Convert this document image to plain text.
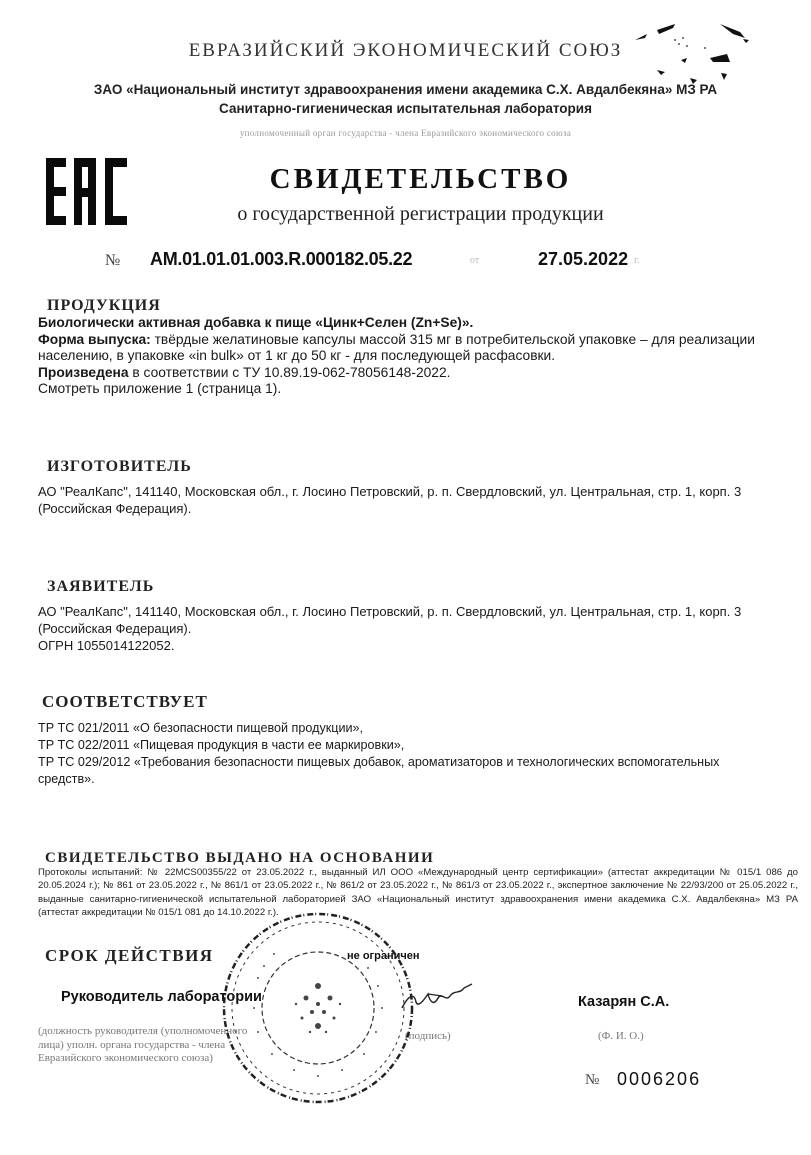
ЕВРАЗИЙСКИЙ ЭКОНОМИЧЕСКИЙ СОЮЗ
ЗАО «Национальный институт здравоохранения имени академика С.Х. Авдалбекяна» МЗ РА
Санитарно-гигиеническая испытательная лаборатория
уполномоченный орган государства - члена Евразийского экономического союза
СВИДЕТЕЛЬСТВО
о государственной регистрации продукции
№ AM.01.01.01.003.R.000182.05.22	от	27.05.2022 г.
ПРОДУКЦИЯ
Биологически активная добавка к пище «Цинк+Селен (Zn+Se)».
Форма выпуска: твёрдые желатиновые капсулы массой 315 мг в потребительской упаковке – для реализации населению, в упаковке «in bulk» от 1 кг до 50 кг - для последующей расфасовки.
Произведена в соответствии с ТУ 10.89.19-062-78056148-2022.
Смотреть приложение 1 (страница 1).
ИЗГОТОВИТЕЛЬ
АО "РеалКапс", 141140, Московская обл., г. Лосино Петровский, р. п. Свердловский, ул. Центральная, стр. 1, корп. 3 (Российская Федерация).
ЗАЯВИТЕЛЬ
АО "РеалКапс", 141140, Московская обл., г. Лосино Петровский, р. п. Свердловский, ул. Центральная, стр. 1, корп. 3 (Российская Федерация).
ОГРН 1055014122052.
СООТВЕТСТВУЕТ
ТР ТС 021/2011 «О безопасности пищевой продукции»,
ТР ТС 022/2011 «Пищевая продукция в части ее маркировки»,
ТР ТС 029/2012 «Требования безопасности пищевых добавок, ароматизаторов и технологических вспомогательных средств».
СВИДЕТЕЛЬСТВО ВЫДАНО НА ОСНОВАНИИ
Протоколы испытаний: № 22MCS00355/22 от 23.05.2022 г., выданный ИЛ ООО «Международный центр сертификации» (аттестат аккредитации № 015/1 086 до 20.05.2024 г.); № 861 от 23.05.2022 г., № 861/1 от 23.05.2022 г., № 861/2 от 23.05.2022 г., № 861/3 от 23.05.2022 г., экспертное заключение № 22/93/200 от 25.05.2022 г., выданные санитарно-гигиенической испытательной лабораторией ЗАО «Национальный институт здравоохранения имени академика С.Х. Авдалбекяна» МЗ РА (аттестат аккредитации № 015/1 081 до 14.10.2022 г.).
СРОК ДЕЙСТВИЯ	не ограничен
Руководитель лаборатории	Казарян С.А.
(должность руководителя (уполномоченного лица) уполн. органа государства - члена Евразийского экономического союза)
(подпись)	(Ф. И. О.)
№ 0006206
